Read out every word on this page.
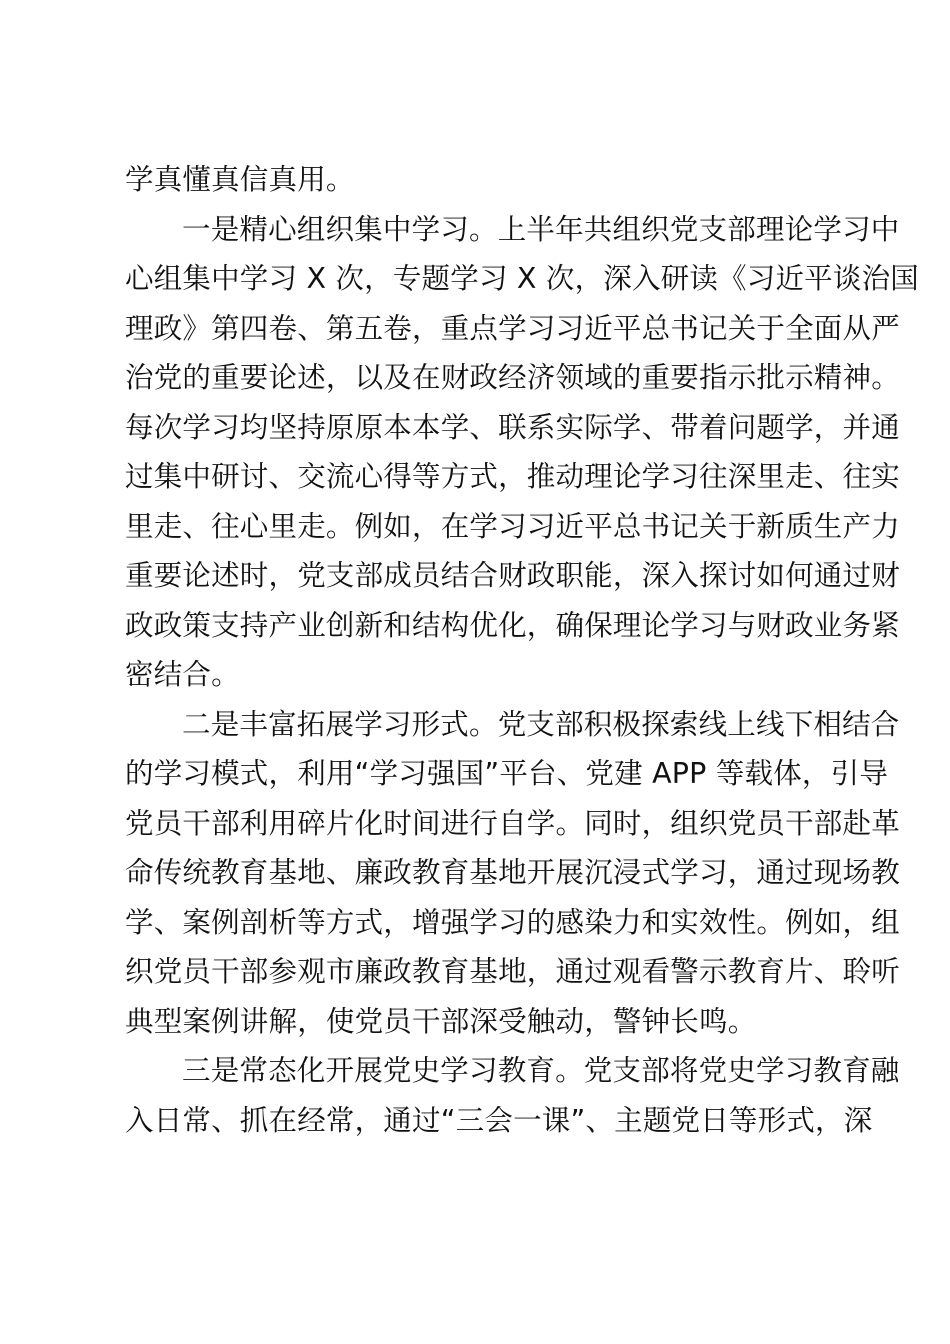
学真懂真信真用。

一是精心组织集中学习。上半年共组织党支部理论学习中
心组集中学习 X 次，专题学习 X 次，深入研读《习近平谈治国
理政》第四卷、第五卷，重点学习习近平总书记关于全面从严
治党的重要论述，以及在财政经济领域的重要指示批示精神。
每次学习均坚持原原本本学、联系实际学、带着问题学，并通
过集中研讨、交流心得等方式，推动理论学习往深里走、往实
里走、往心里走。例如，在学习习近平总书记关于新质生产力
重要论述时，党支部成员结合财政职能，深入探讨如何通过财
政政策支持产业创新和结构优化，确保理论学习与财政业务紧
密结合。

二是丰富拓展学习形式。党支部积极探索线上线下相结合
的学习模式，利用“学习强国”平台、党建 APP 等载体，引导
党员干部利用碎片化时间进行自学。同时，组织党员干部赴革
命传统教育基地、廉政教育基地开展沉浸式学习，通过现场教
学、案例剖析等方式，增强学习的感染力和实效性。例如，组
织党员干部参观市廉政教育基地，通过观看警示教育片、聆听
典型案例讲解，使党员干部深受触动，警钟长鸣。

三是常态化开展党史学习教育。党支部将党史学习教育融
入日常、抓在经常，通过“三会一课”、主题党日等形式，深
